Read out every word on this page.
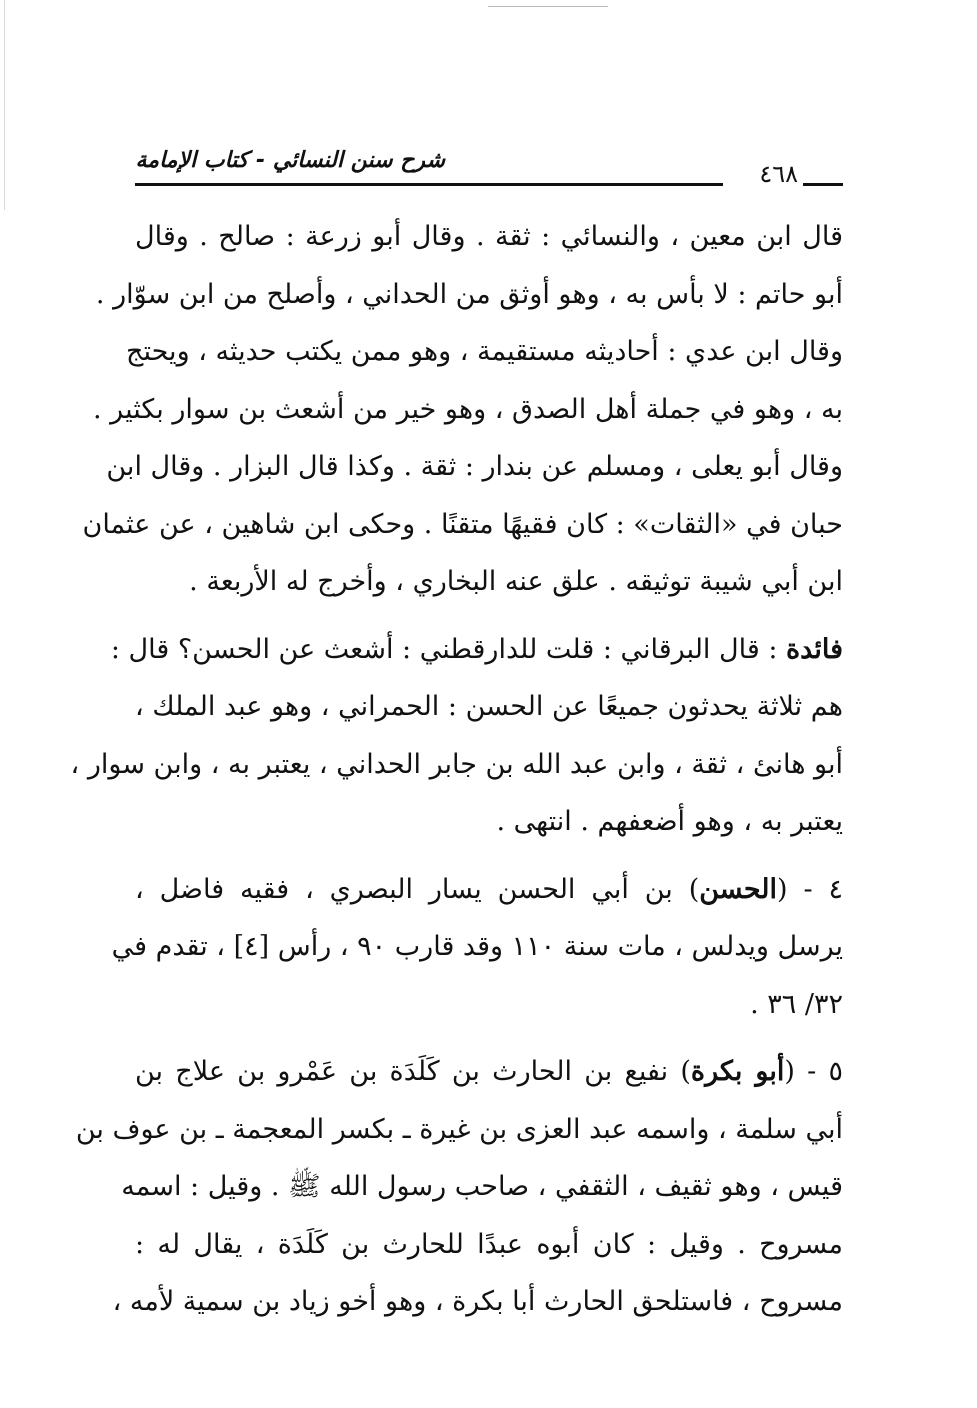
شرح سنن النسائي - كتاب الإمامة	٤٦٨
قال ابن معين ، والنسائي : ثقة . وقال أبو زرعة : صالح . وقال
أبو حاتم : لا بأس به ، وهو أوثق من الحداني ، وأصلح من ابن سوّار .
وقال ابن عدي : أحاديثه مستقيمة ، وهو ممن يكتب حديثه ، ويحتج
به ، وهو في جملة أهل الصدق ، وهو خير من أشعث بن سوار بكثير .
وقال أبو يعلى ، ومسلم عن بندار : ثقة . وكذا قال البزار . وقال ابن
حبان في «الثقات» : كان فقيهًا متقنًا . وحكى ابن شاهين ، عن عثمان
ابن أبي شيبة توثيقه . علق عنه البخاري ، وأخرج له الأربعة .
فائدة : قال البرقاني : قلت للدارقطني : أشعث عن الحسن؟ قال :
هم ثلاثة يحدثون جميعًا عن الحسن : الحمراني ، وهو عبد الملك ،
أبو هانئ ، ثقة ، وابن عبد الله بن جابر الحداني ، يعتبر به ، وابن سوار ،
يعتبر به ، وهو أضعفهم . انتهى .
٤ - (الحسن) بن أبي الحسن يسار البصري ، فقيه فاضل ،
يرسل ويدلس ، مات سنة ١١٠ وقد قارب ٩٠ ، رأس [٤] ، تقدم في
٣٢/ ٣٦ .
٥ - (أبو بكرة) نفيع بن الحارث بن كَلَدَة بن عَمْرو بن علاج بن
أبي سلمة ، واسمه عبد العزى بن غيرة ـ بكسر المعجمة ـ بن عوف بن
قيس ، وهو ثقيف ، الثقفي ، صاحب رسول الله ﷺ . وقيل : اسمه
مسروح . وقيل : كان أبوه عبدًا للحارث بن كَلَدَة ، يقال له :
مسروح ، فاستلحق الحارث أبا بكرة ، وهو أخو زياد بن سمية لأمه ،
